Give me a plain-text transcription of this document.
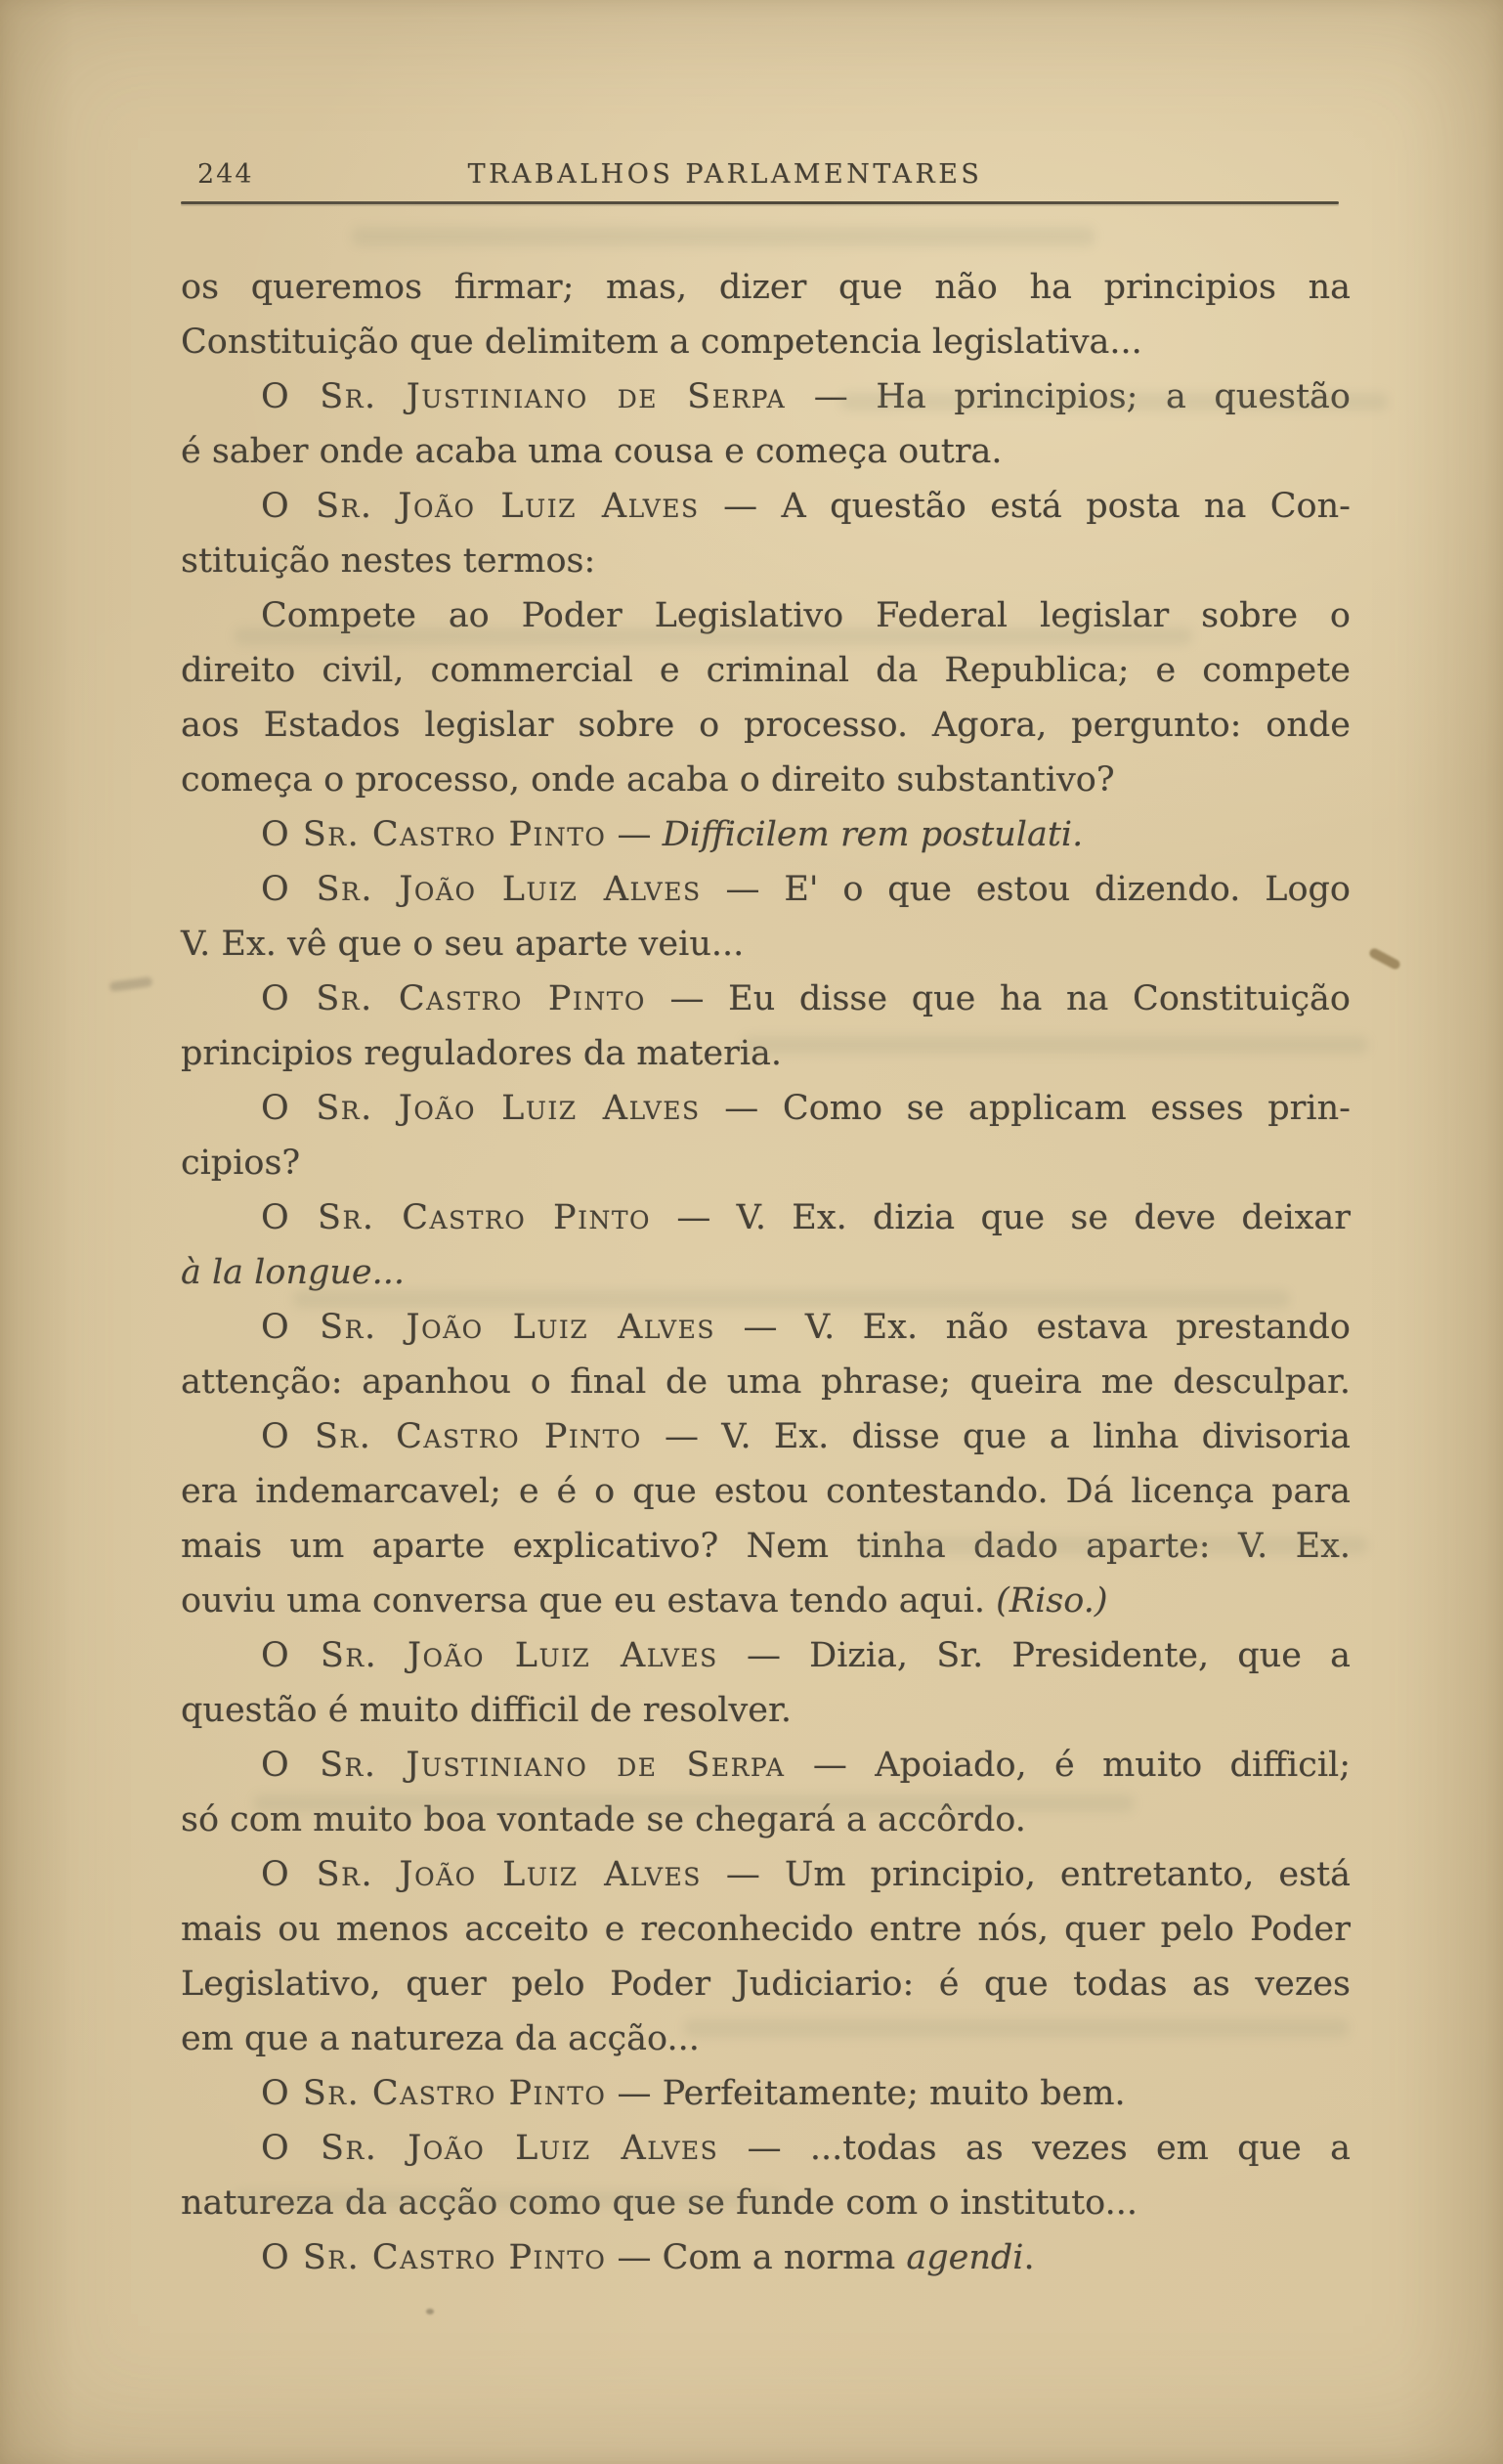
244	TRABALHOS PARLAMENTARES
os queremos firmar; mas, dizer que não ha principios na
Constituição que delimitem a competencia legislativa...
O Sr. Justiniano de Serpa — Ha principios; a questão
é saber onde acaba uma cousa e começa outra.
O Sr. João Luiz Alves — A questão está posta na Con-
stituição nestes termos:
Compete ao Poder Legislativo Federal legislar sobre o
direito civil, commercial e criminal da Republica; e compete
aos Estados legislar sobre o processo. Agora, pergunto: onde
começa o processo, onde acaba o direito substantivo?
O Sr. Castro Pinto — Difficilem rem postulati.
O Sr. João Luiz Alves — E' o que estou dizendo. Logo
V. Ex. vê que o seu aparte veiu...
O Sr. Castro Pinto — Eu disse que ha na Constituição
principios reguladores da materia.
O Sr. João Luiz Alves — Como se applicam esses prin-
cipios?
O Sr. Castro Pinto — V. Ex. dizia que se deve deixar
à la longue...
O Sr. João Luiz Alves — V. Ex. não estava prestando
attenção: apanhou o final de uma phrase; queira me desculpar.
O Sr. Castro Pinto — V. Ex. disse que a linha divisoria
era indemarcavel; e é o que estou contestando. Dá licença para
mais um aparte explicativo? Nem tinha dado aparte: V. Ex.
ouviu uma conversa que eu estava tendo aqui. (Riso.)
O Sr. João Luiz Alves — Dizia, Sr. Presidente, que a
questão é muito difficil de resolver.
O Sr. Justiniano de Serpa — Apoiado, é muito difficil;
só com muito boa vontade se chegará a accôrdo.
O Sr. João Luiz Alves — Um principio, entretanto, está
mais ou menos acceito e reconhecido entre nós, quer pelo Poder
Legislativo, quer pelo Poder Judiciario: é que todas as vezes
em que a natureza da acção...
O Sr. Castro Pinto — Perfeitamente; muito bem.
O Sr. João Luiz Alves — ...todas as vezes em que a
natureza da acção como que se funde com o instituto...
O Sr. Castro Pinto — Com a norma agendi.
